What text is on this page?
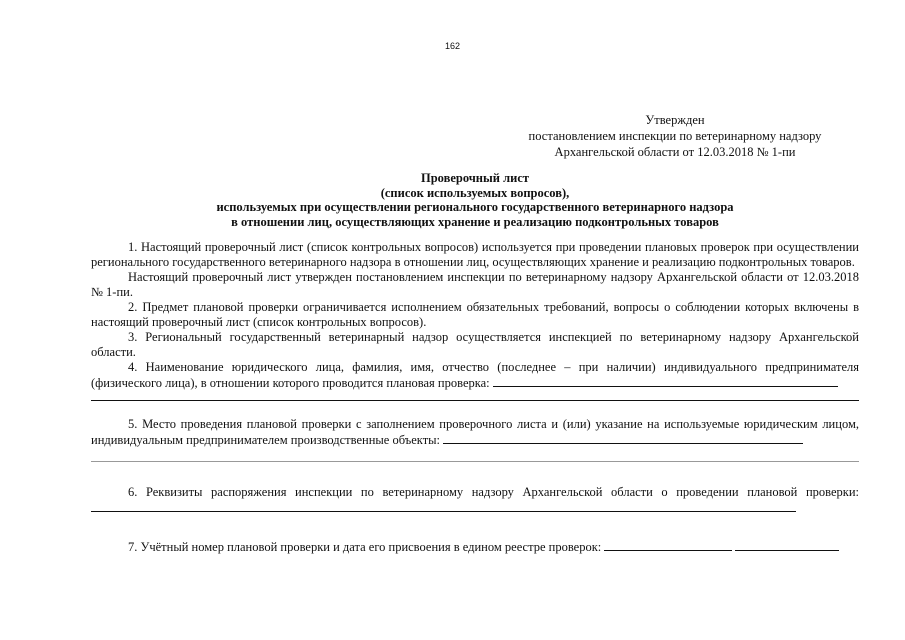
162
Утвержден
постановлением инспекции по ветеринарному надзору
Архангельской области от 12.03.2018 № 1-пи
Проверочный лист
(список используемых вопросов),
используемых при осуществлении регионального государственного ветеринарного надзора
в отношении лиц, осуществляющих хранение и реализацию подконтрольных товаров

1. Настоящий проверочный лист (список контрольных вопросов) используется при проведении плановых проверок при осуществлении регионального государственного ветеринарного надзора в отношении лиц, осуществляющих хранение и реализацию подконтрольных товаров.

Настоящий проверочный лист утвержден постановлением инспекции по ветеринарному надзору Архангельской области от 12.03.2018 № 1-пи.

2. Предмет плановой проверки ограничивается исполнением обязательных требований, вопросы о соблюдении которых включены в настоящий проверочный лист (список контрольных вопросов).

3. Региональный государственный ветеринарный надзор осуществляется инспекцией по ветеринарному надзору Архангельской области.

4. Наименование юридического лица, фамилия, имя, отчество (последнее – при наличии) индивидуального предпринимателя (физического лица), в отношении которого проводится плановая проверка:

5. Место проведения плановой проверки с заполнением проверочного листа и (или) указание на используемые юридическим лицом, индивидуальным предпринимателем производственные объекты:

6. Реквизиты распоряжения инспекции по ветеринарному надзору Архангельской области о проведении плановой проверки:

7. Учётный номер плановой проверки и дата его присвоения в едином реестре проверок:
